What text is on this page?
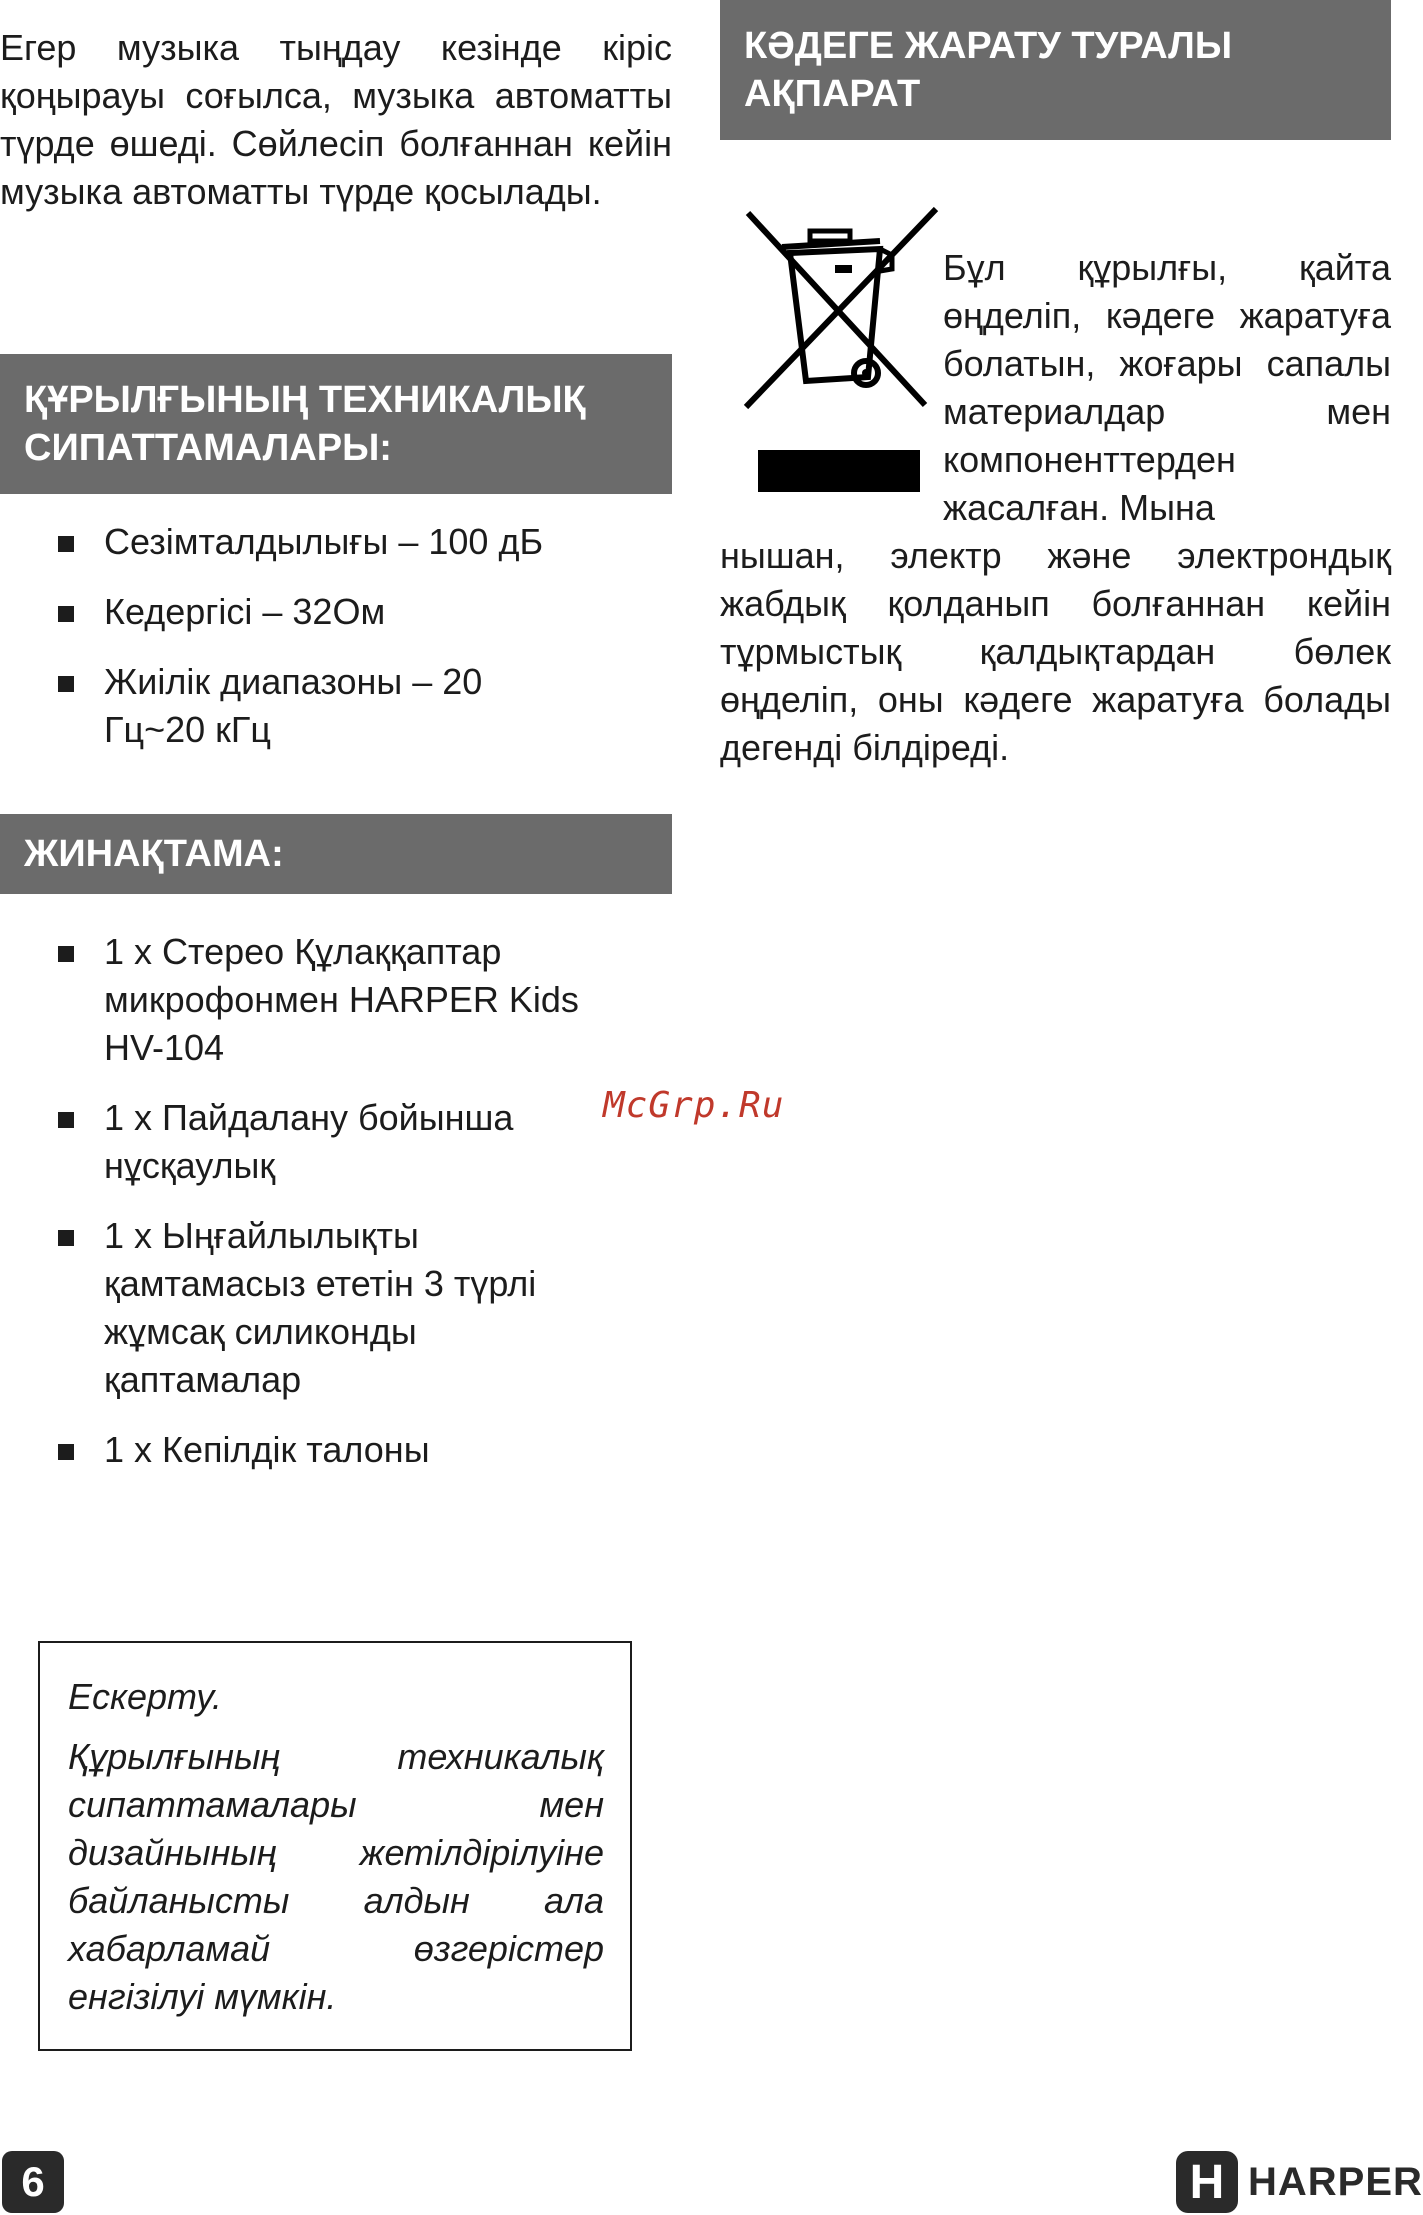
Егер музыка тыңдау кезінде кіріс қоңырауы соғылса, музыка автоматты түрде өшеді. Сөйлесіп болғаннан кейін музыка автоматты түрде қосылады.

ҚҰРЫЛҒЫНЫҢ ТЕХНИКАЛЫҚ СИПАТТАМАЛАРЫ:
Сезімталдылығы – 100 дБ
Кедергісі – 32Ом
Жиілік диапазоны – 20 Гц~20 кГц
ЖИНАҚТАМА:
1 x Стерео Құлаққаптар микрофонмен HARPER Kids HV-104
1 x Пайдалану бойынша нұсқаулық
1 x Ыңғайлылықты қамтамасыз ететін 3 түрлі жұмсақ силиконды қаптамалар
1 x Кепілдік талоны

Ескерту.

Құрылғының техникалық сипаттамалары мен дизайнының жетілдірілуіне байланысты алдын ала хабарламай өзгерістер енгізілуі мүмкін.

КӘДЕГЕ ЖАРАТУ ТУРАЛЫ АҚПАРАТ

Бұл құрылғы, қайта өңделіп, кәдеге жаратуға болатын, жоғары сапалы материалдар мен компоненттерден жасалған. Мына

нышан, электр және электрондық жабдық қолданып болғаннан кейін тұрмыстық қалдықтардан бөлек өңделіп, оны кәдеге жаратуға болады дегенді білдіреді.

McGrp.Ru
6	H HARPER
